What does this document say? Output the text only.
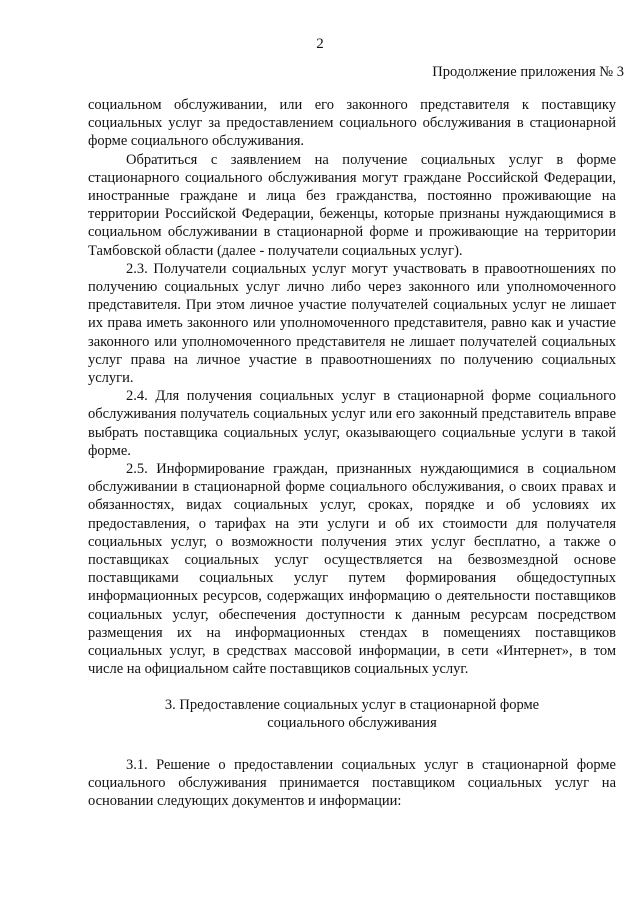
2
Продолжение приложения № 3

социальном обслуживании, или его законного представителя к поставщику социальных услуг за предоставлением социального обслуживания в стационарной форме социального обслуживания.

Обратиться с заявлением на получение социальных услуг в форме стационарного социального обслуживания могут граждане Российской Федерации, иностранные граждане и лица без гражданства, постоянно проживающие на территории Российской Федерации, беженцы, которые признаны нуждающимися в социальном обслуживании в стационарной форме и проживающие на территории Тамбовской области (далее - получатели социальных услуг).

2.3. Получатели социальных услуг могут участвовать в правоотношениях по получению социальных услуг лично либо через законного или уполномоченного представителя. При этом личное участие получателей социальных услуг не лишает их права иметь законного или уполномоченного представителя, равно как и участие законного или уполномоченного представителя не лишает получателей социальных услуг права на личное участие в правоотношениях по получению социальных услуги.

2.4. Для получения социальных услуг в стационарной форме социального обслуживания получатель социальных услуг или его законный представитель вправе выбрать поставщика социальных услуг, оказывающего социальные услуги в такой форме.

2.5. Информирование граждан, признанных нуждающимися в социальном обслуживании в стационарной форме социального обслуживания, о своих правах и обязанностях, видах социальных услуг, сроках, порядке и об условиях их предоставления, о тарифах на эти услуги и об их стоимости для получателя социальных услуг, о возможности получения этих услуг бесплатно, а также о поставщиках социальных услуг осуществляется на безвозмездной основе поставщиками социальных услуг путем формирования общедоступных информационных ресурсов, содержащих информацию о деятельности поставщиков социальных услуг, обеспечения доступности к данным ресурсам посредством размещения их на информационных стендах в помещениях поставщиков социальных услуг, в средствах массовой информации, в сети «Интернет», в том числе на официальном сайте поставщиков социальных услуг.

3. Предоставление социальных услуг в стационарной форме
социального обслуживания

3.1. Решение о предоставлении социальных услуг в стационарной форме социального обслуживания принимается поставщиком социальных услуг на основании следующих документов и информации:
